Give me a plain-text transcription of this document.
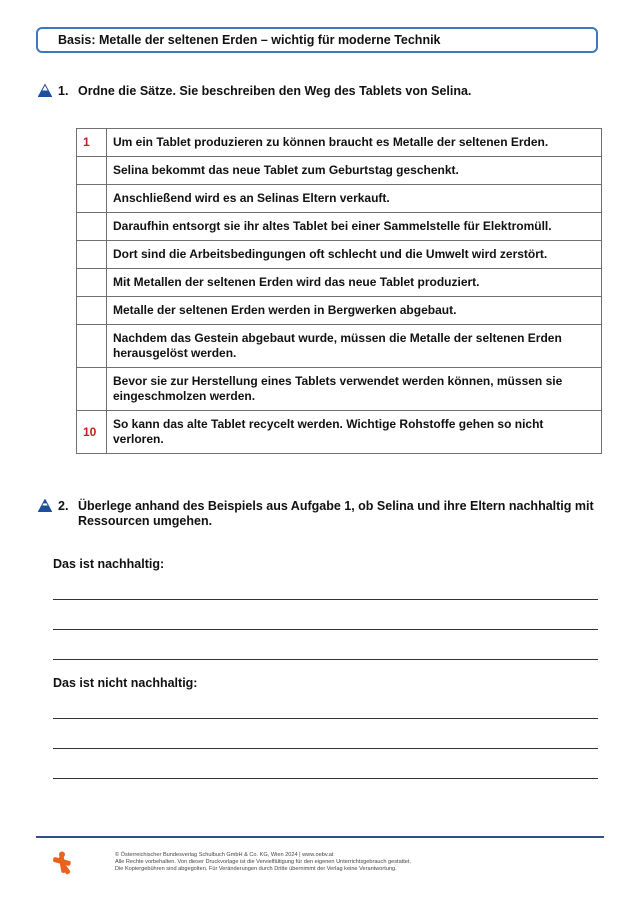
Basis: Metalle der seltenen Erden – wichtig für moderne Technik
1. Ordne die Sätze. Sie beschreiben den Weg des Tablets von Selina.
1	Um ein Tablet produzieren zu können braucht es Metalle der seltenen Erden.
	Selina bekommt das neue Tablet zum Geburtstag geschenkt.
	Anschließend wird es an Selinas Eltern verkauft.
	Daraufhin entsorgt sie ihr altes Tablet bei einer Sammelstelle für Elektromüll.
	Dort sind die Arbeitsbedingungen oft schlecht und die Umwelt wird zerstört.
	Mit Metallen der seltenen Erden wird das neue Tablet produziert.
	Metalle der seltenen Erden werden in Bergwerken abgebaut.
	Nachdem das Gestein abgebaut wurde, müssen die Metalle der seltenen Erden herausgelöst werden.
	Bevor sie zur Herstellung eines Tablets verwendet werden können, müssen sie eingeschmolzen werden.
10	So kann das alte Tablet recycelt werden. Wichtige Rohstoffe gehen so nicht verloren.
2. Überlege anhand des Beispiels aus Aufgabe 1, ob Selina und ihre Eltern nachhaltig mit Ressourcen umgehen.
Das ist nachhaltig:
Das ist nicht nachhaltig:
© Österreichischer Bundesverlag Schulbuch GmbH & Co. KG, Wien 2024 | www.oebv.at
Alle Rechte vorbehalten. Von dieser Druckvorlage ist die Vervielfältigung für den eigenen Unterrichtsgebrauch gestattet.
Die Kopiergebühren sind abgegolten. Für Veränderungen durch Dritte übernimmt der Verlag keine Verantwortung.
